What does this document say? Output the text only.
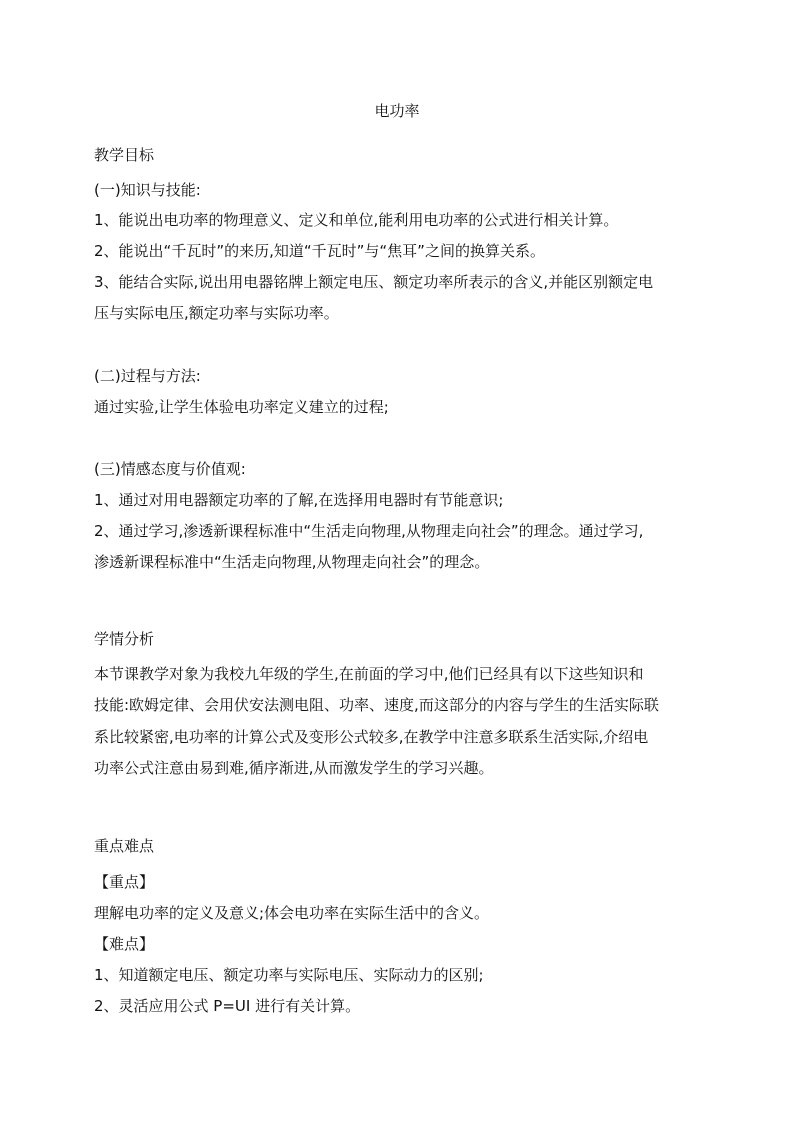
电功率
教学目标
(一)知识与技能:
1、能说出电功率的物理意义、定义和单位,能利用电功率的公式进行相关计算。
2、能说出“千瓦时”的来历,知道“千瓦时”与“焦耳”之间的换算关系。
3、能结合实际,说出用电器铭牌上额定电压、额定功率所表示的含义,并能区别额定电
压与实际电压,额定功率与实际功率。
(二)过程与方法:
通过实验,让学生体验电功率定义建立的过程;
(三)情感态度与价值观:
1、通过对用电器额定功率的了解,在选择用电器时有节能意识;
2、通过学习,渗透新课程标准中“生活走向物理,从物理走向社会”的理念。通过学习,
渗透新课程标准中“生活走向物理,从物理走向社会”的理念。
学情分析
本节课教学对象为我校九年级的学生,在前面的学习中,他们已经具有以下这些知识和
技能:欧姆定律、会用伏安法测电阻、功率、速度,而这部分的内容与学生的生活实际联
系比较紧密,电功率的计算公式及变形公式较多,在教学中注意多联系生活实际,介绍电
功率公式注意由易到难,循序渐进,从而激发学生的学习兴趣。
重点难点
【重点】
理解电功率的定义及意义;体会电功率在实际生活中的含义。
【难点】
1、知道额定电压、额定功率与实际电压、实际动力的区别;
2、灵活应用公式 P=UI 进行有关计算。
